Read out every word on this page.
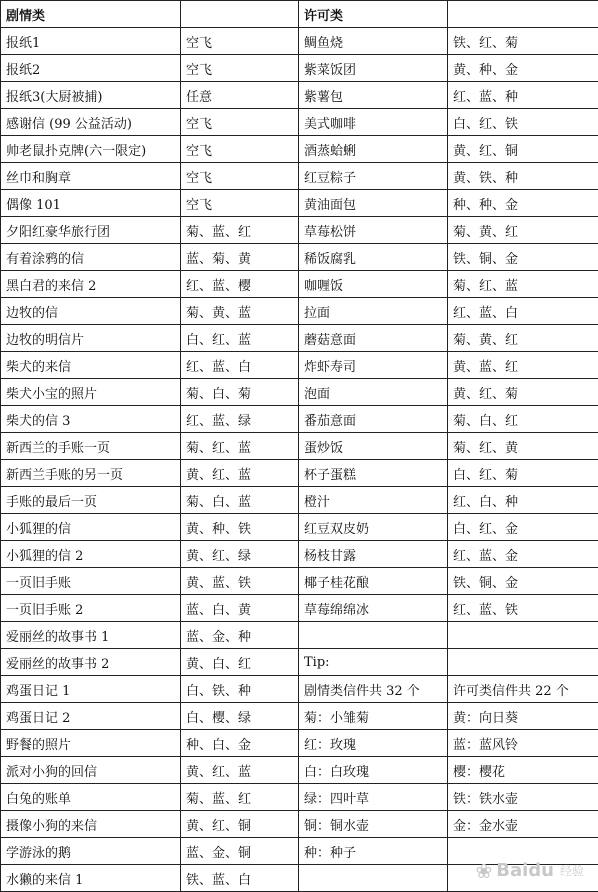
剧情类		许可类	
报纸1	空飞	鲷鱼烧	铁、红、菊
报纸2	空飞	紫菜饭团	黄、种、金
报纸3(大厨被捕)	任意	紫薯包	红、蓝、种
感谢信 (99 公益活动)	空飞	美式咖啡	白、红、铁
帅老鼠扑克牌(六一限定)	空飞	酒蒸蛤蜊	黄、红、铜
丝巾和胸章	空飞	红豆粽子	黄、铁、种
偶像 101	空飞	黄油面包	种、种、金
夕阳红豪华旅行团	菊、蓝、红	草莓松饼	菊、黄、红
有着涂鸦的信	蓝、菊、黄	稀饭腐乳	铁、铜、金
黑白君的来信 2	红、蓝、樱	咖喱饭	菊、红、蓝
边牧的信	菊、黄、蓝	拉面	红、蓝、白
边牧的明信片	白、红、蓝	蘑菇意面	菊、黄、红
柴犬的来信	红、蓝、白	炸虾寿司	黄、蓝、红
柴犬小宝的照片	菊、白、菊	泡面	黄、红、菊
柴犬的信 3	红、蓝、绿	番茄意面	菊、白、红
新西兰的手账一页	菊、红、蓝	蛋炒饭	菊、红、黄
新西兰手账的另一页	黄、红、蓝	杯子蛋糕	白、红、菊
手账的最后一页	菊、白、蓝	橙汁	红、白、种
小狐狸的信	黄、种、铁	红豆双皮奶	白、红、金
小狐狸的信 2	黄、红、绿	杨枝甘露	红、蓝、金
一页旧手账	黄、蓝、铁	椰子桂花酿	铁、铜、金
一页旧手账 2	蓝、白、黄	草莓绵绵冰	红、蓝、铁
爱丽丝的故事书 1	蓝、金、种		
爱丽丝的故事书 2	黄、白、红	Tip:	
鸡蛋日记 1	白、铁、种	剧情类信件共 32 个	许可类信件共 22 个
鸡蛋日记 2	白、樱、绿	菊：小雏菊	黄：向日葵
野餐的照片	种、白、金	红：玫瑰	蓝：蓝风铃
派对小狗的回信	黄、红、蓝	白：白玫瑰	樱：樱花
白兔的账单	菊、蓝、红	绿：四叶草	铁：铁水壶
摄像小狗的来信	黄、红、铜	铜：铜水壶	金：金水壶
学游泳的鹅	蓝、金、铜	种：种子	
水獭的来信 1	铁、蓝、白			❀ Baidu 经验
